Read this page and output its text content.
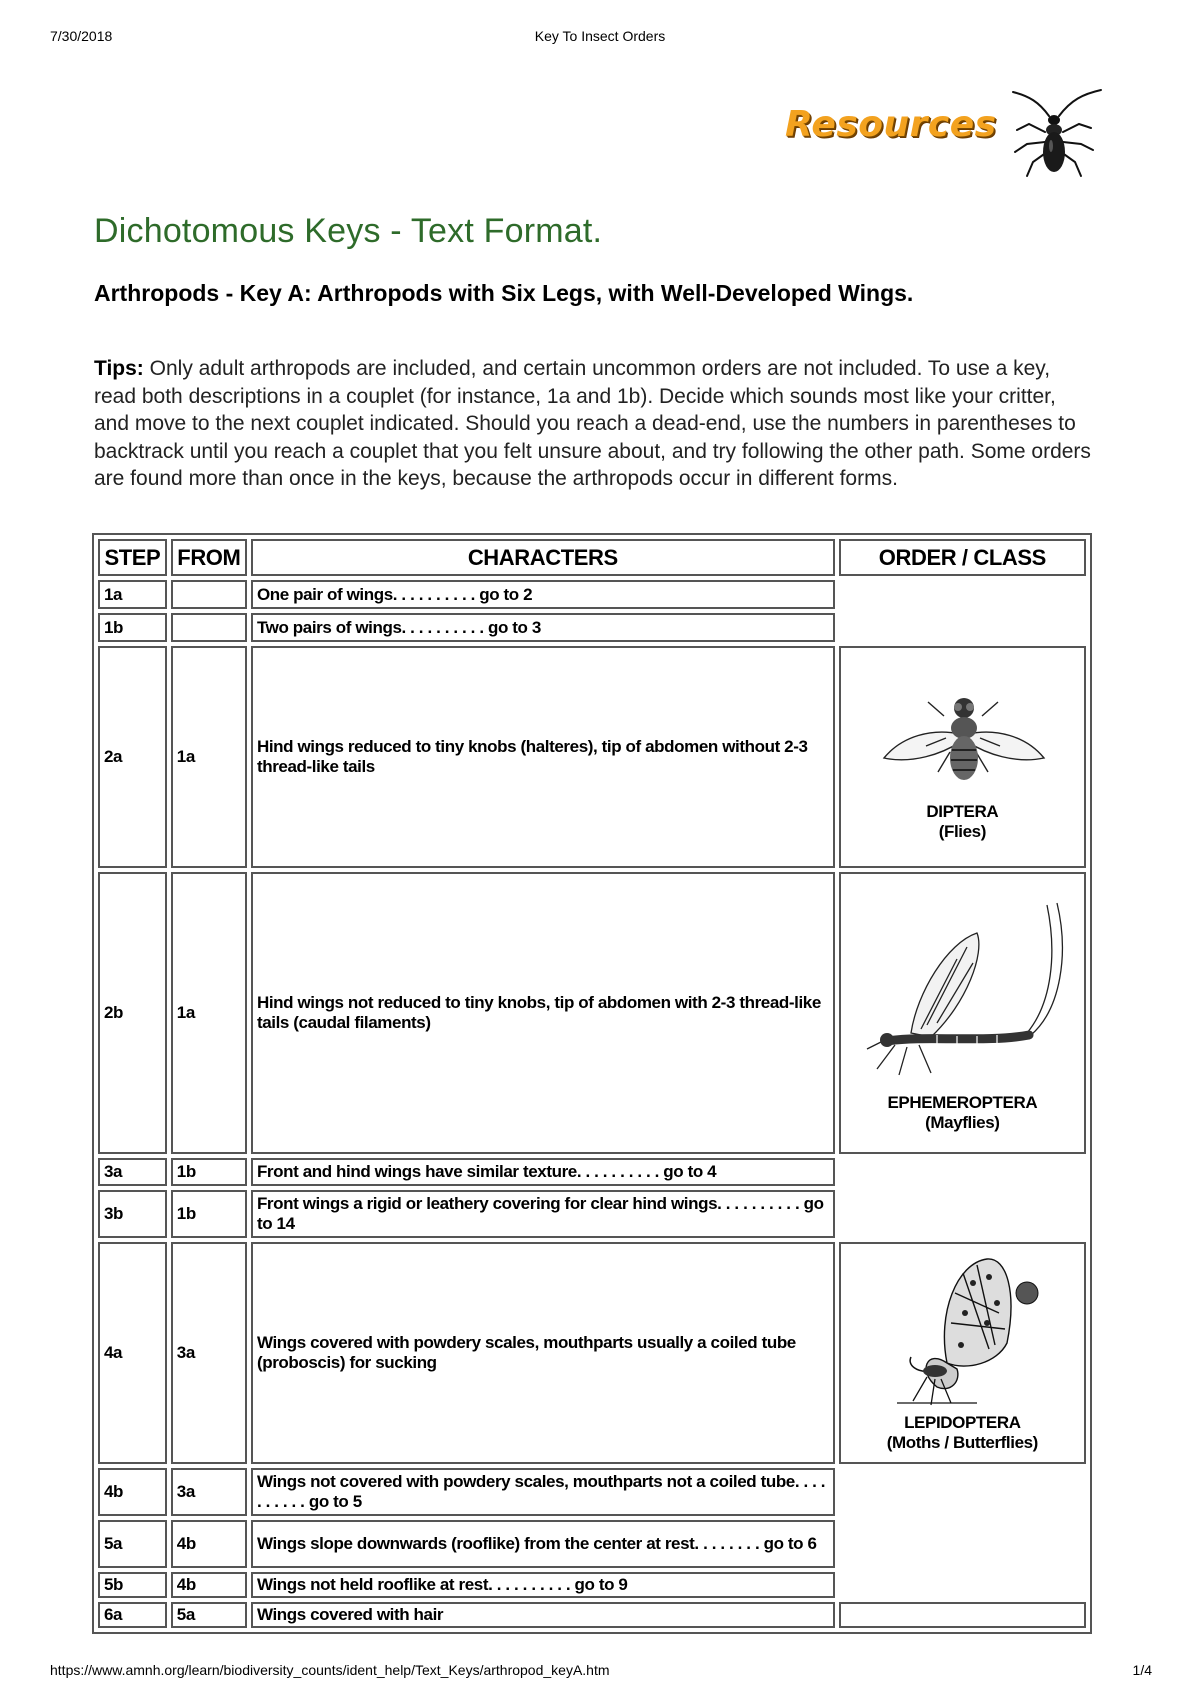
7/30/2018	Key To Insect Orders
Resources
Dichotomous Keys - Text Format.
Arthropods - Key A: Arthropods with Six Legs, with Well-Developed Wings.

Tips: Only adult arthropods are included, and certain uncommon orders are not included. To use a key, read both descriptions in a couplet (for instance, 1a and 1b). Decide which sounds most like your critter, and move to the next couplet indicated. Should you reach a dead-end, use the numbers in parentheses to backtrack until you reach a couplet that you felt unsure about, and try following the other path. Some orders are found more than once in the keys, because the arthropods occur in different forms.

STEP	FROM	CHARACTERS	ORDER / CLASS
1a		One pair of wings. . . . . . . . . . go to 2	
1b		Two pairs of wings. . . . . . . . . . go to 3	
2a	1a	Hind wings reduced to tiny knobs (halteres), tip of abdomen without 2-3 thread-like tails	DIPTERA
(Flies)

2b	1a	Hind wings not reduced to tiny knobs, tip of abdomen with 2-3 thread-like tails (caudal filaments)	EPHEMEROPTERA
(Mayflies)

3a	1b	Front and hind wings have similar texture. . . . . . . . . . go to 4	
3b	1b	Front wings a rigid or leathery covering for clear hind wings. . . . . . . . . . go to 14	
4a	3a	Wings covered with powdery scales, mouthparts usually a coiled tube (proboscis) for sucking	LEPIDOPTERA
(Moths / Butterflies)

4b	3a	Wings not covered with powdery scales, mouthparts not a coiled tube. . . . . . . . . . go to 5	
5a	4b	Wings slope downwards (rooflike) from the center at rest. . . . . . . . go to 6	
5b	4b	Wings not held rooflike at rest. . . . . . . . . . go to 9	
6a	5a	Wings covered with hair	
https://www.amnh.org/learn/biodiversity_counts/ident_help/Text_Keys/arthropod_keyA.htm	1/4
